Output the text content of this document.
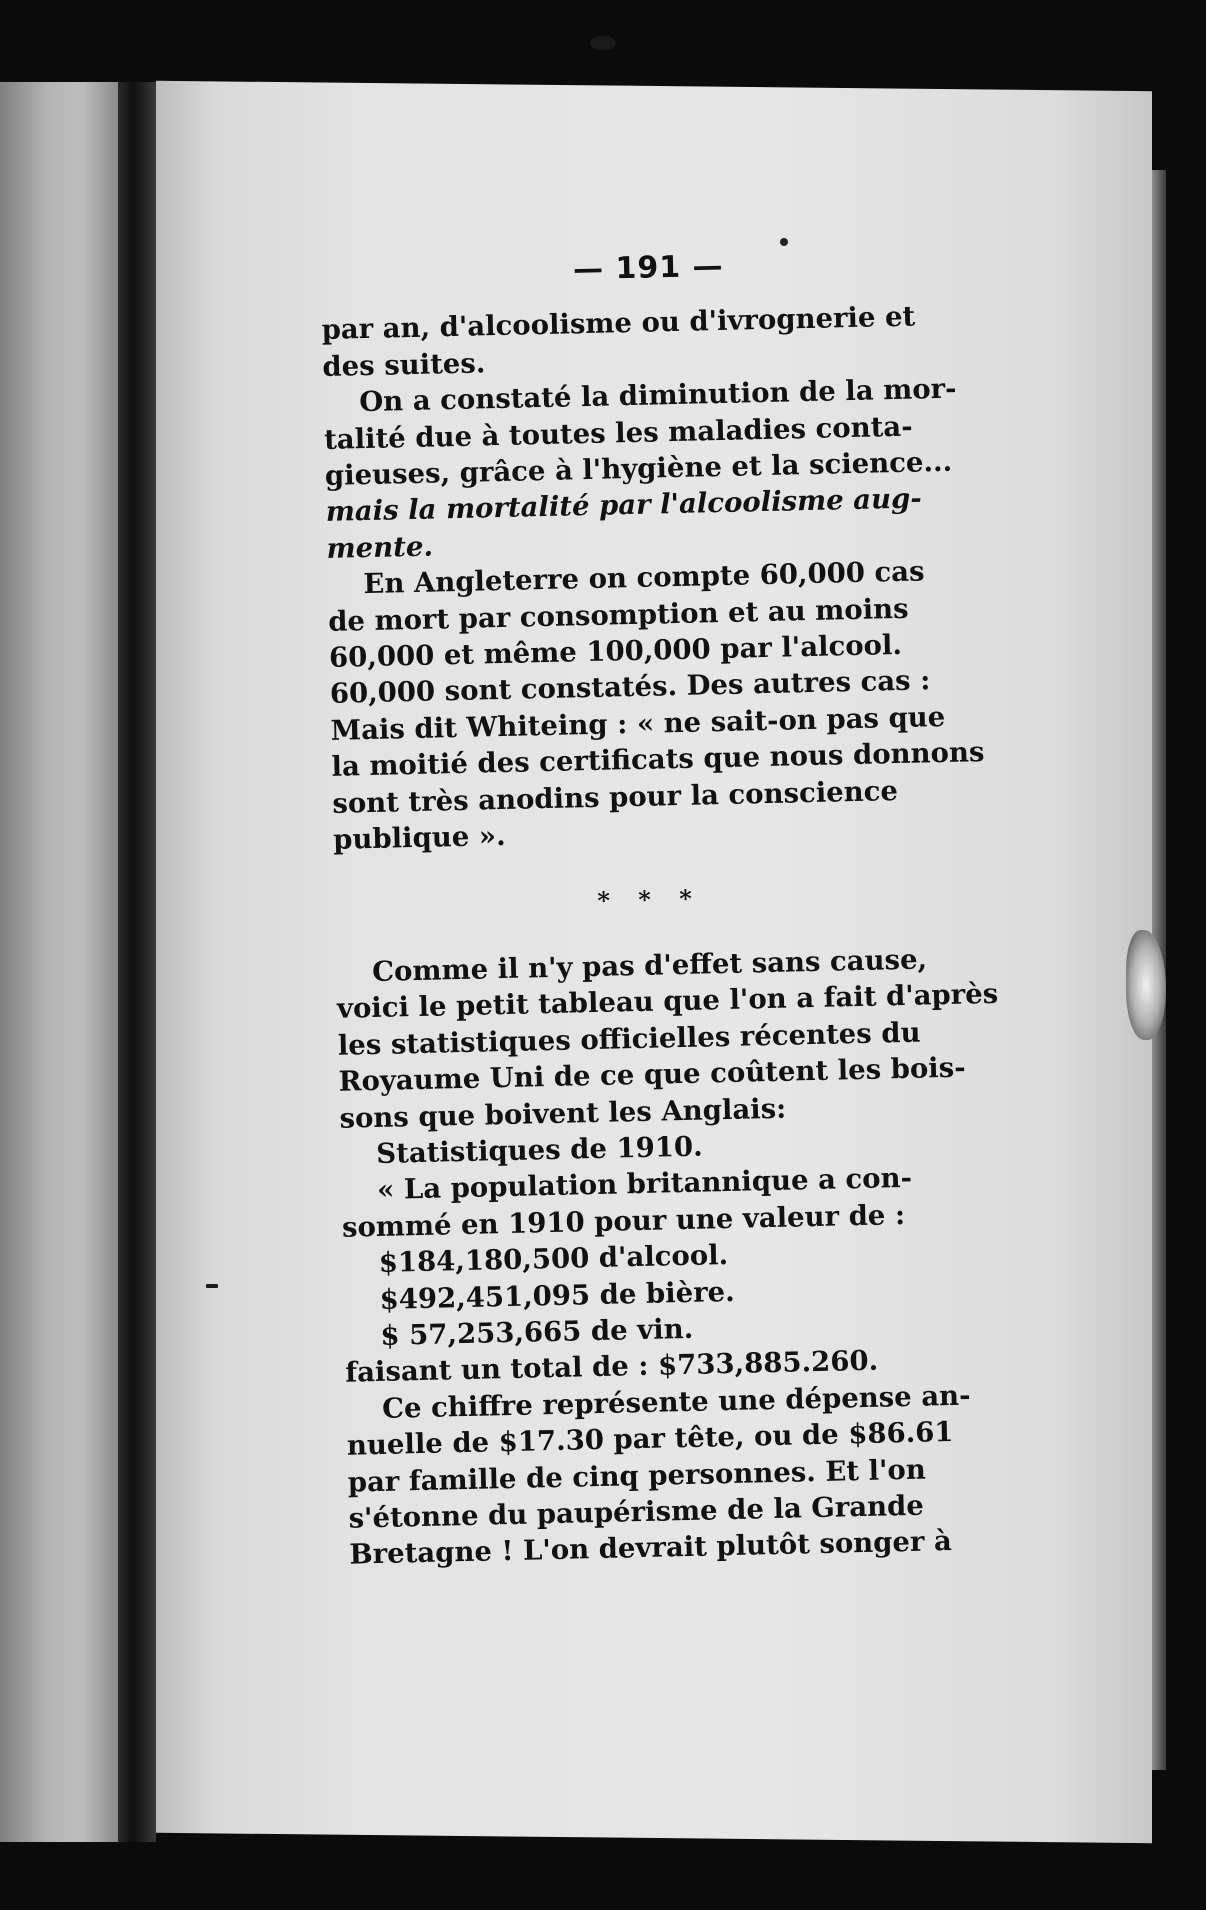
— 191 —

par an, d'alcoolisme ou d'ivrognerie et
des suites.

On a constaté la diminution de la mor-
talité due à toutes les maladies conta-
gieuses, grâce à l'hygiène et la science...
mais la mortalité par l'alcoolisme aug-
mente.

En Angleterre on compte 60,000 cas
de mort par consomption et au moins
60,000 et même 100,000 par l'alcool.
60,000 sont constatés. Des autres cas :
Mais dit Whiteing : « ne sait-on pas que
la moitié des certificats que nous donnons
sont très anodins pour la conscience
publique ».

* * *

Comme il n'y pas d'effet sans cause,
voici le petit tableau que l'on a fait d'après
les statistiques officielles récentes du
Royaume Uni de ce que coûtent les bois-
sons que boivent les Anglais:

Statistiques de 1910.

« La population britannique a con-
sommé en 1910 pour une valeur de :

$184,180,500 d'alcool.
$492,451,095 de bière.
$ 57,253,665 de vin.

faisant un total de : $733,885.260.

Ce chiffre représente une dépense an-
nuelle de $17.30 par tête, ou de $86.61
par famille de cinq personnes. Et l'on
s'étonne du paupérisme de la Grande
Bretagne ! L'on devrait plutôt songer à
